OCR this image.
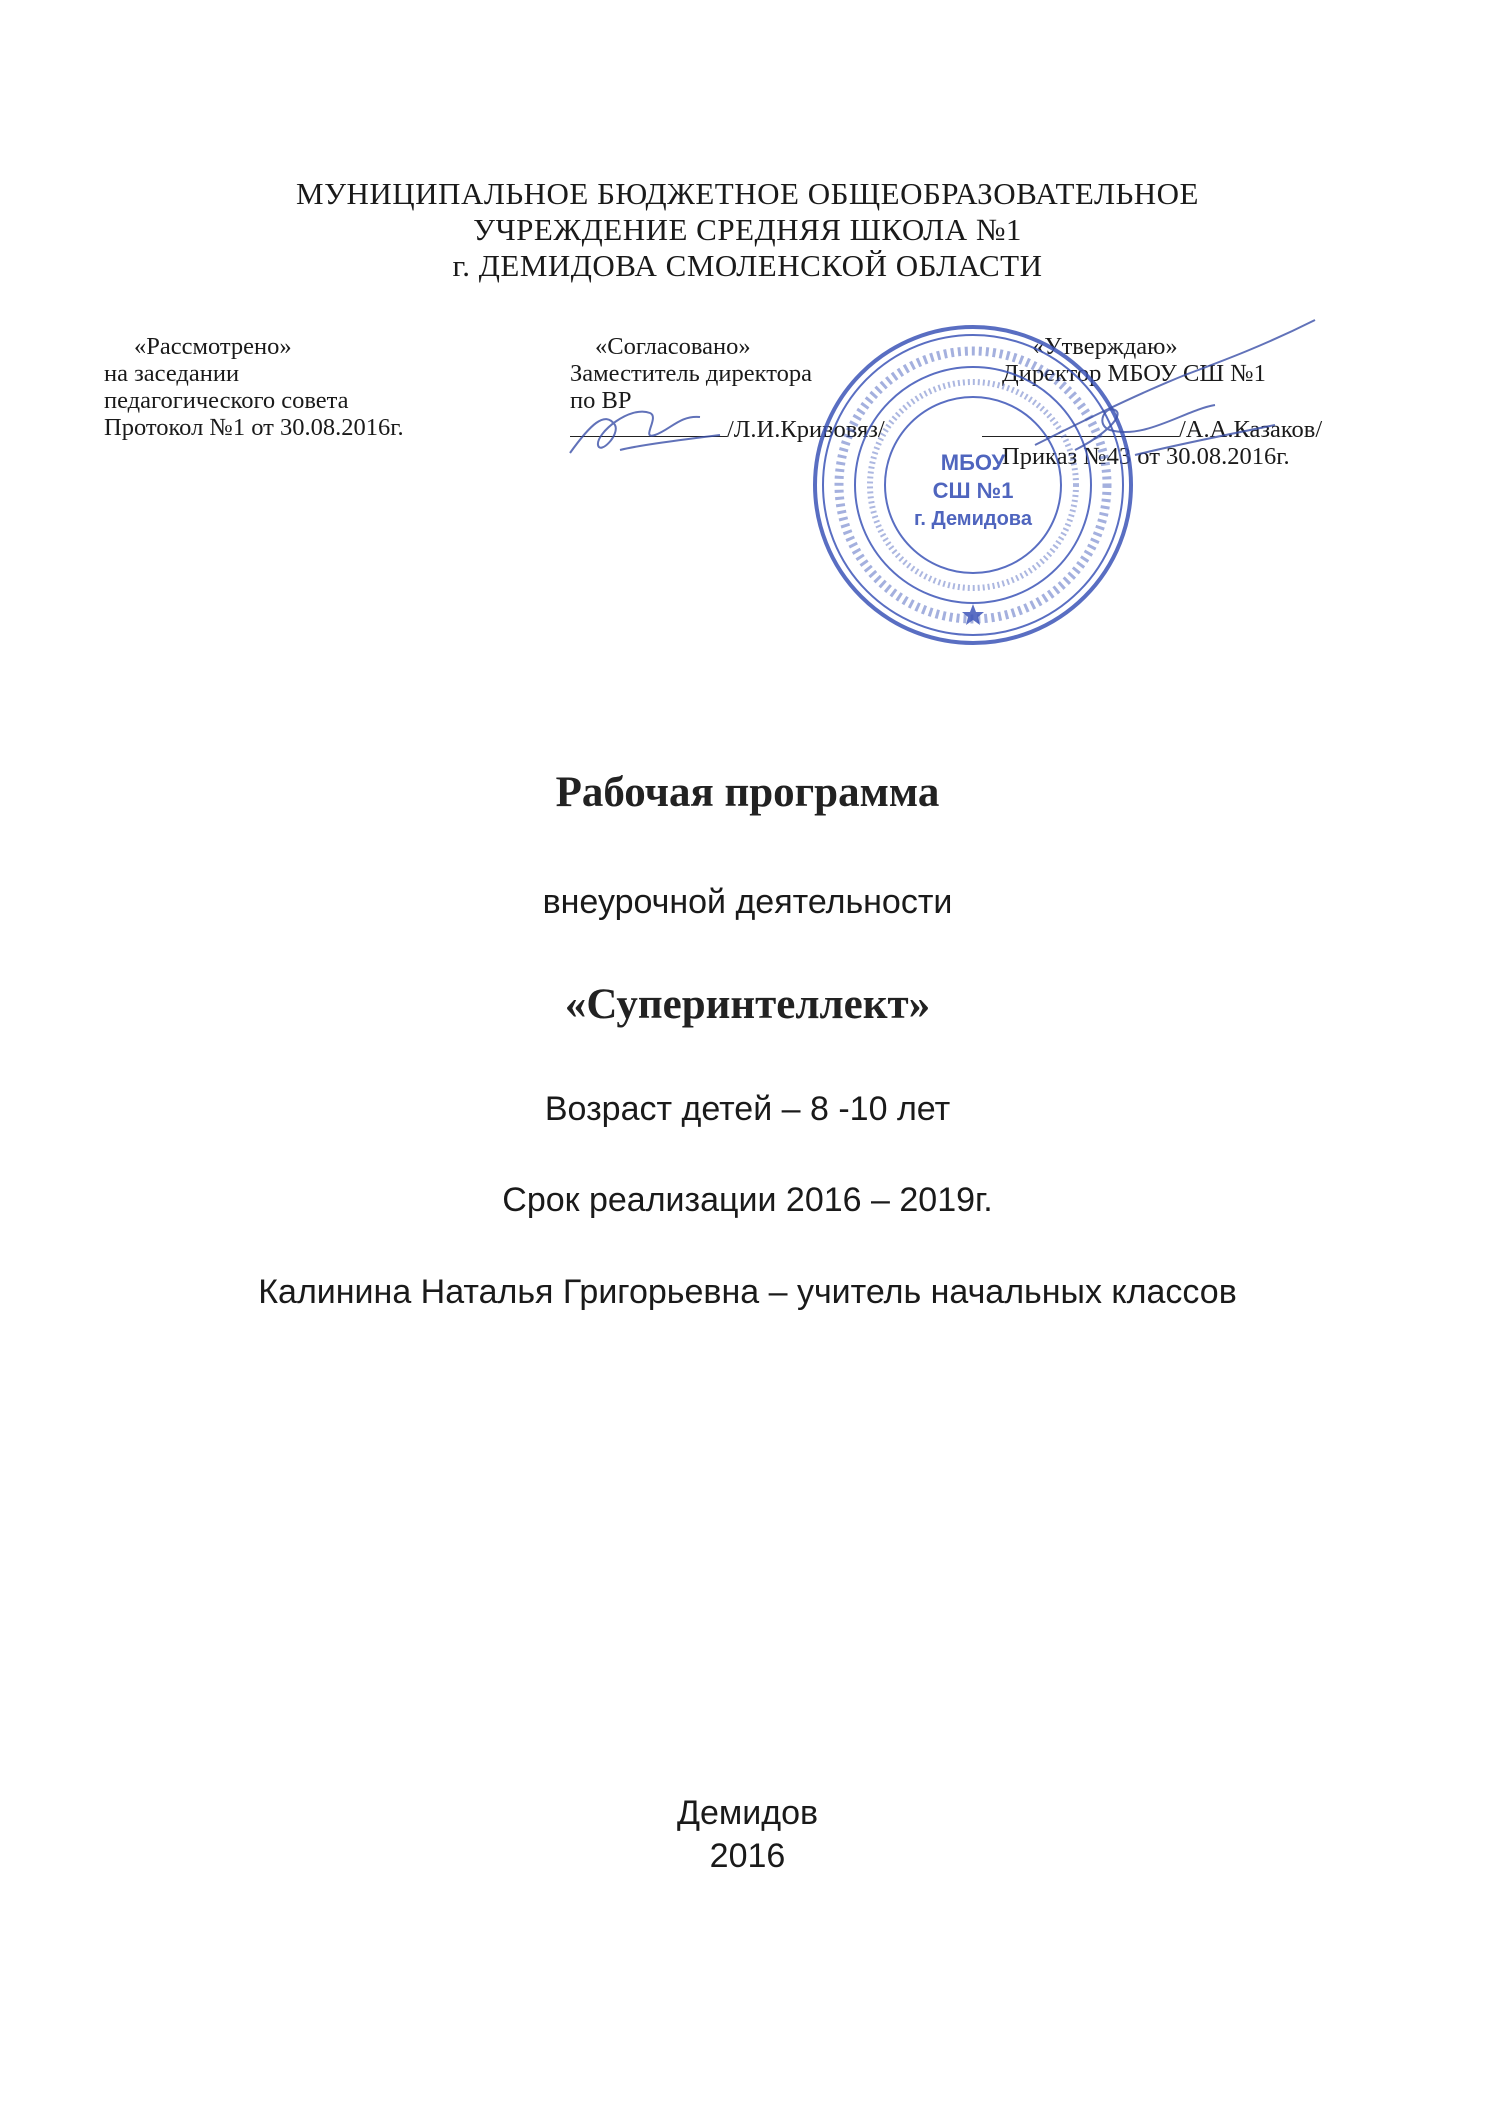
МУНИЦИПАЛЬНОЕ БЮДЖЕТНОЕ ОБЩЕОБРАЗОВАТЕЛЬНОЕ
УЧРЕЖДЕНИЕ СРЕДНЯЯ ШКОЛА №1
г. ДЕМИДОВА СМОЛЕНСКОЙ ОБЛАСТИ
«Рассмотрено»
на заседании
педагогического совета
Протокол №1 от 30.08.2016г.
«Согласовано»
Заместитель директора
по ВР
/Л.И.Кривовяз/
«Утверждаю»
Директор МБОУ СШ №1

/А.А.Казаков/
Приказ №43 от 30.08.2016г.
МБОУ
СШ №1
г. Демидова
Рабочая программа
внеурочной деятельности
«Суперинтеллект»
Возраст детей – 8 -10 лет
Срок реализации 2016 – 2019г.
Калинина Наталья Григорьевна – учитель начальных классов
Демидов
2016
